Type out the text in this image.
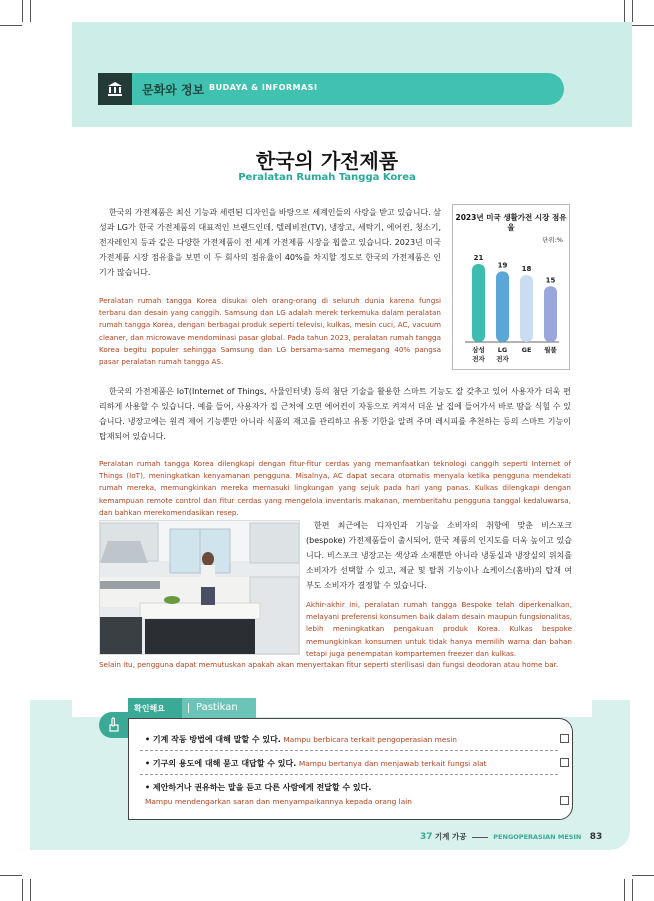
문화와 정보 BUDAYA & INFORMASI
한국의 가전제품
Peralatan Rumah Tangga Korea

한국의 가전제품은 최신 기능과 세련된 디자인을 바탕으로 세계인들의 사랑을 받고 있습니다. 삼성과 LG가 한국 가전제품의 대표적인 브랜드인데, 텔레비전(TV), 냉장고, 세탁기, 에어컨, 청소기, 전자레인지 등과 같은 다양한 가전제품이 전 세계 가전제품 시장을 휩쓸고 있습니다. 2023년 미국 가전제품 시장 점유율을 보면 이 두 회사의 점유율이 40%를 차지할 정도로 한국의 가전제품은 인기가 많습니다.

Peralatan rumah tangga Korea disukai oleh orang-orang di seluruh dunia karena fungsi terbaru dan desain yang canggih. Samsung dan LG adalah merek terkemuka dalam peralatan rumah tangga Korea, dengan berbagai produk seperti televisi, kulkas, mesin cuci, AC, vacuum cleaner, dan microwave mendominasi pasar global. Pada tahun 2023, peralatan rumah tangga Korea begitu populer sehingga Samsung dan LG bersama-sama memegang 40% pangsa pasar peralatan rumah tangga AS.

2023년 미국 생활가전 시장 점유율
단위:%
21
삼성
전자
19
LG
전자
18
GE
15
월풀

한국의 가전제품은 IoT(Internet of Things, 사물인터넷) 등의 첨단 기술을 활용한 스마트 기능도 잘 갖추고 있어 사용자가 더욱 편리하게 사용할 수 있습니다. 예를 들어, 사용자가 집 근처에 오면 에어컨이 자동으로 켜져서 더운 날 집에 들어가서 바로 땀을 식힐 수 있습니다. 냉장고에는 원격 제어 기능뿐만 아니라 식품의 재고를 관리하고 유통 기한을 알려 주며 레시피를 추천하는 등의 스마트 기능이 탑재되어 있습니다.

Peralatan rumah tangga Korea dilengkapi dengan fitur-fitur cerdas yang memanfaatkan teknologi canggih seperti Internet of Things (IoT), meningkatkan kenyamanan pengguna. Misalnya, AC dapat secara otomatis menyala ketika pengguna mendekati rumah mereka, memungkinkan mereka memasuki lingkungan yang sejuk pada hari yang panas. Kulkas dilengkapi dengan kemampuan remote control dan fitur cerdas yang mengelola inventaris makanan, memberitahu pengguna tanggal kedaluwarsa, dan bahkan merekomendasikan resep.

한편 최근에는 디자인과 기능을 소비자의 취향에 맞춘 비스포크(bespoke) 가전제품들이 출시되어, 한국 제품의 인지도를 더욱 높이고 있습니다. 비스포크 냉장고는 색상과 소재뿐만 아니라 냉동실과 냉장실의 위치를 소비자가 선택할 수 있고, 제균 및 탈취 기능이나 쇼케이스(홈바)의 탑재 여부도 소비자가 결정할 수 있습니다.

Akhir-akhir ini, peralatan rumah tangga Bespoke telah diperkenalkan, melayani preferensi konsumen baik dalam desain maupun fungsionalitas, lebih meningkatkan pengakuan produk Korea. Kulkas bespoke memungkinkan konsumen untuk tidak hanya memilih warna dan bahan tetapi juga penempatan kompartemen freezer dan kulkas.

Selain itu, pengguna dapat memutuskan apakah akan menyertakan fitur seperti sterilisasi dan fungsi deodoran atau home bar.

확인해요	Pastikan
• 기계 작동 방법에 대해 말할 수 있다. Mampu berbicara terkait pengoperasian mesin
• 기구의 용도에 대해 묻고 대답할 수 있다. Mampu bertanya dan menjawab terkait fungsi alat
• 제안하거나 권유하는 말을 듣고 다른 사람에게 전달할 수 있다.
Mampu mendengarkan saran dan menyampaikannya kepada orang lain
37 기계 가공	PENGOPERASIAN MESIN 83
